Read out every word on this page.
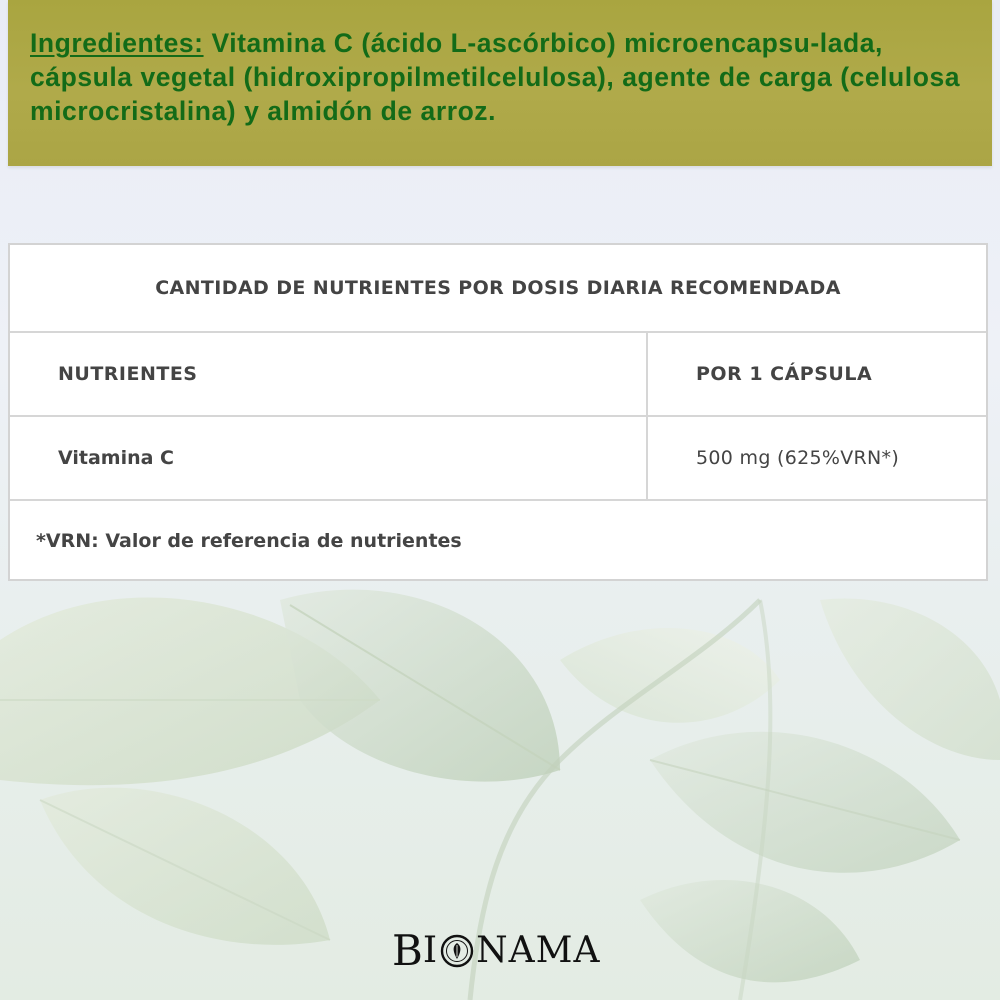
Ingredientes: Vitamina C (ácido L-ascórbico) microencapsu-lada, cápsula vegetal (hidroxipropilmetilcelulosa), agente de carga (celulosa microcristalina) y almidón de arroz.

CANTIDAD DE NUTRIENTES POR DOSIS DIARIA RECOMENDADA
NUTRIENTES	POR 1 CÁPSULA
Vitamina C	500 mg (625%VRN*)
*VRN: Valor de referencia de nutrientes
B I NAMA
